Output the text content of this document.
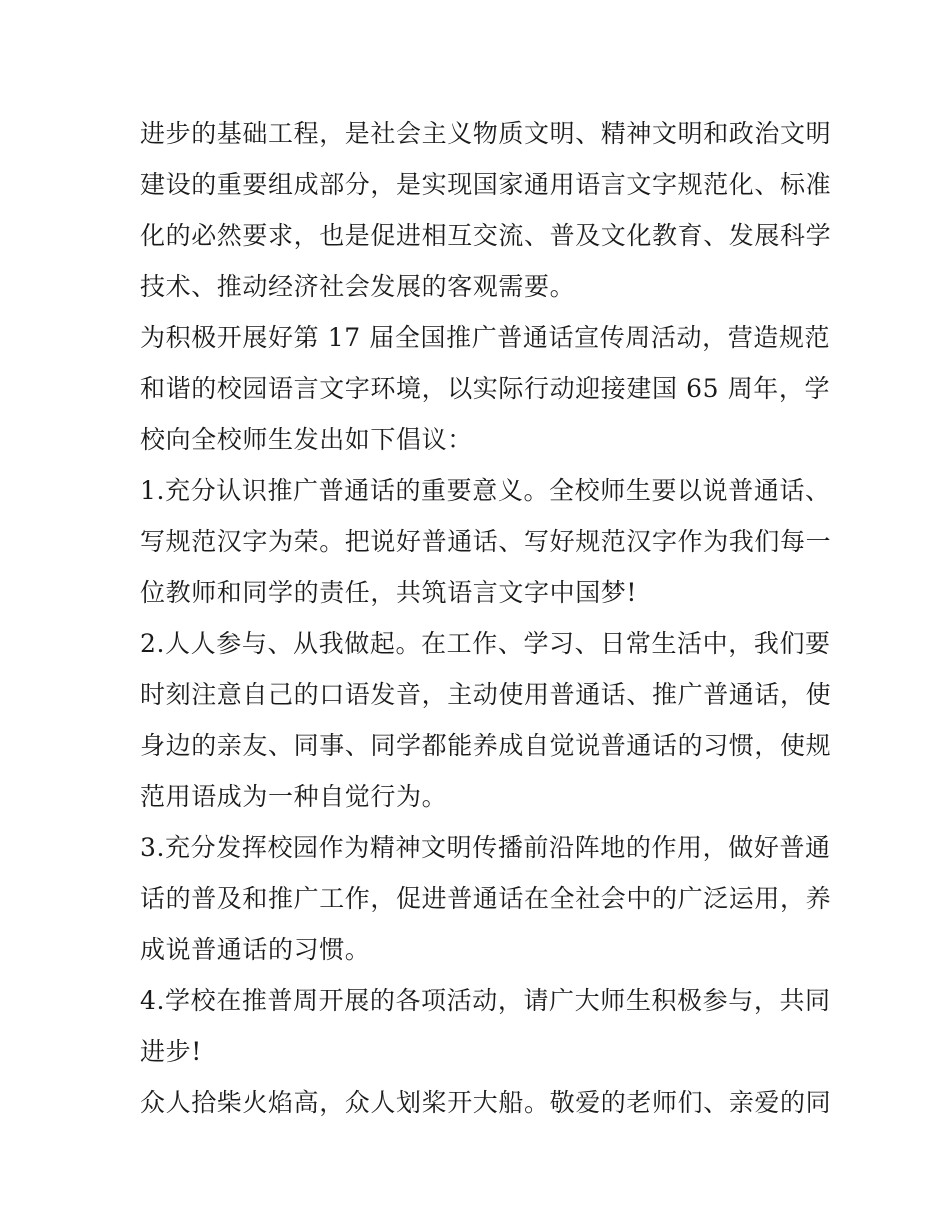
进步的基础工程，是社会主义物质文明、精神文明和政治文明
建设的重要组成部分，是实现国家通用语言文字规范化、标准
化的必然要求，也是促进相互交流、普及文化教育、发展科学
技术、推动经济社会发展的客观需要。
为积极开展好第 17 届全国推广普通话宣传周活动，营造规范
和谐的校园语言文字环境，以实际行动迎接建国 65 周年，学
校向全校师生发出如下倡议：
1.充分认识推广普通话的重要意义。全校师生要以说普通话、
写规范汉字为荣。把说好普通话、写好规范汉字作为我们每一
位教师和同学的责任，共筑语言文字中国梦!
2.人人参与、从我做起。在工作、学习、日常生活中，我们要
时刻注意自己的口语发音，主动使用普通话、推广普通话，使
身边的亲友、同事、同学都能养成自觉说普通话的习惯，使规
范用语成为一种自觉行为。
3.充分发挥校园作为精神文明传播前沿阵地的作用，做好普通
话的普及和推广工作，促进普通话在全社会中的广泛运用，养
成说普通话的习惯。
4.学校在推普周开展的各项活动，请广大师生积极参与，共同
进步!
众人拾柴火焰高，众人划桨开大船。敬爱的老师们、亲爱的同
